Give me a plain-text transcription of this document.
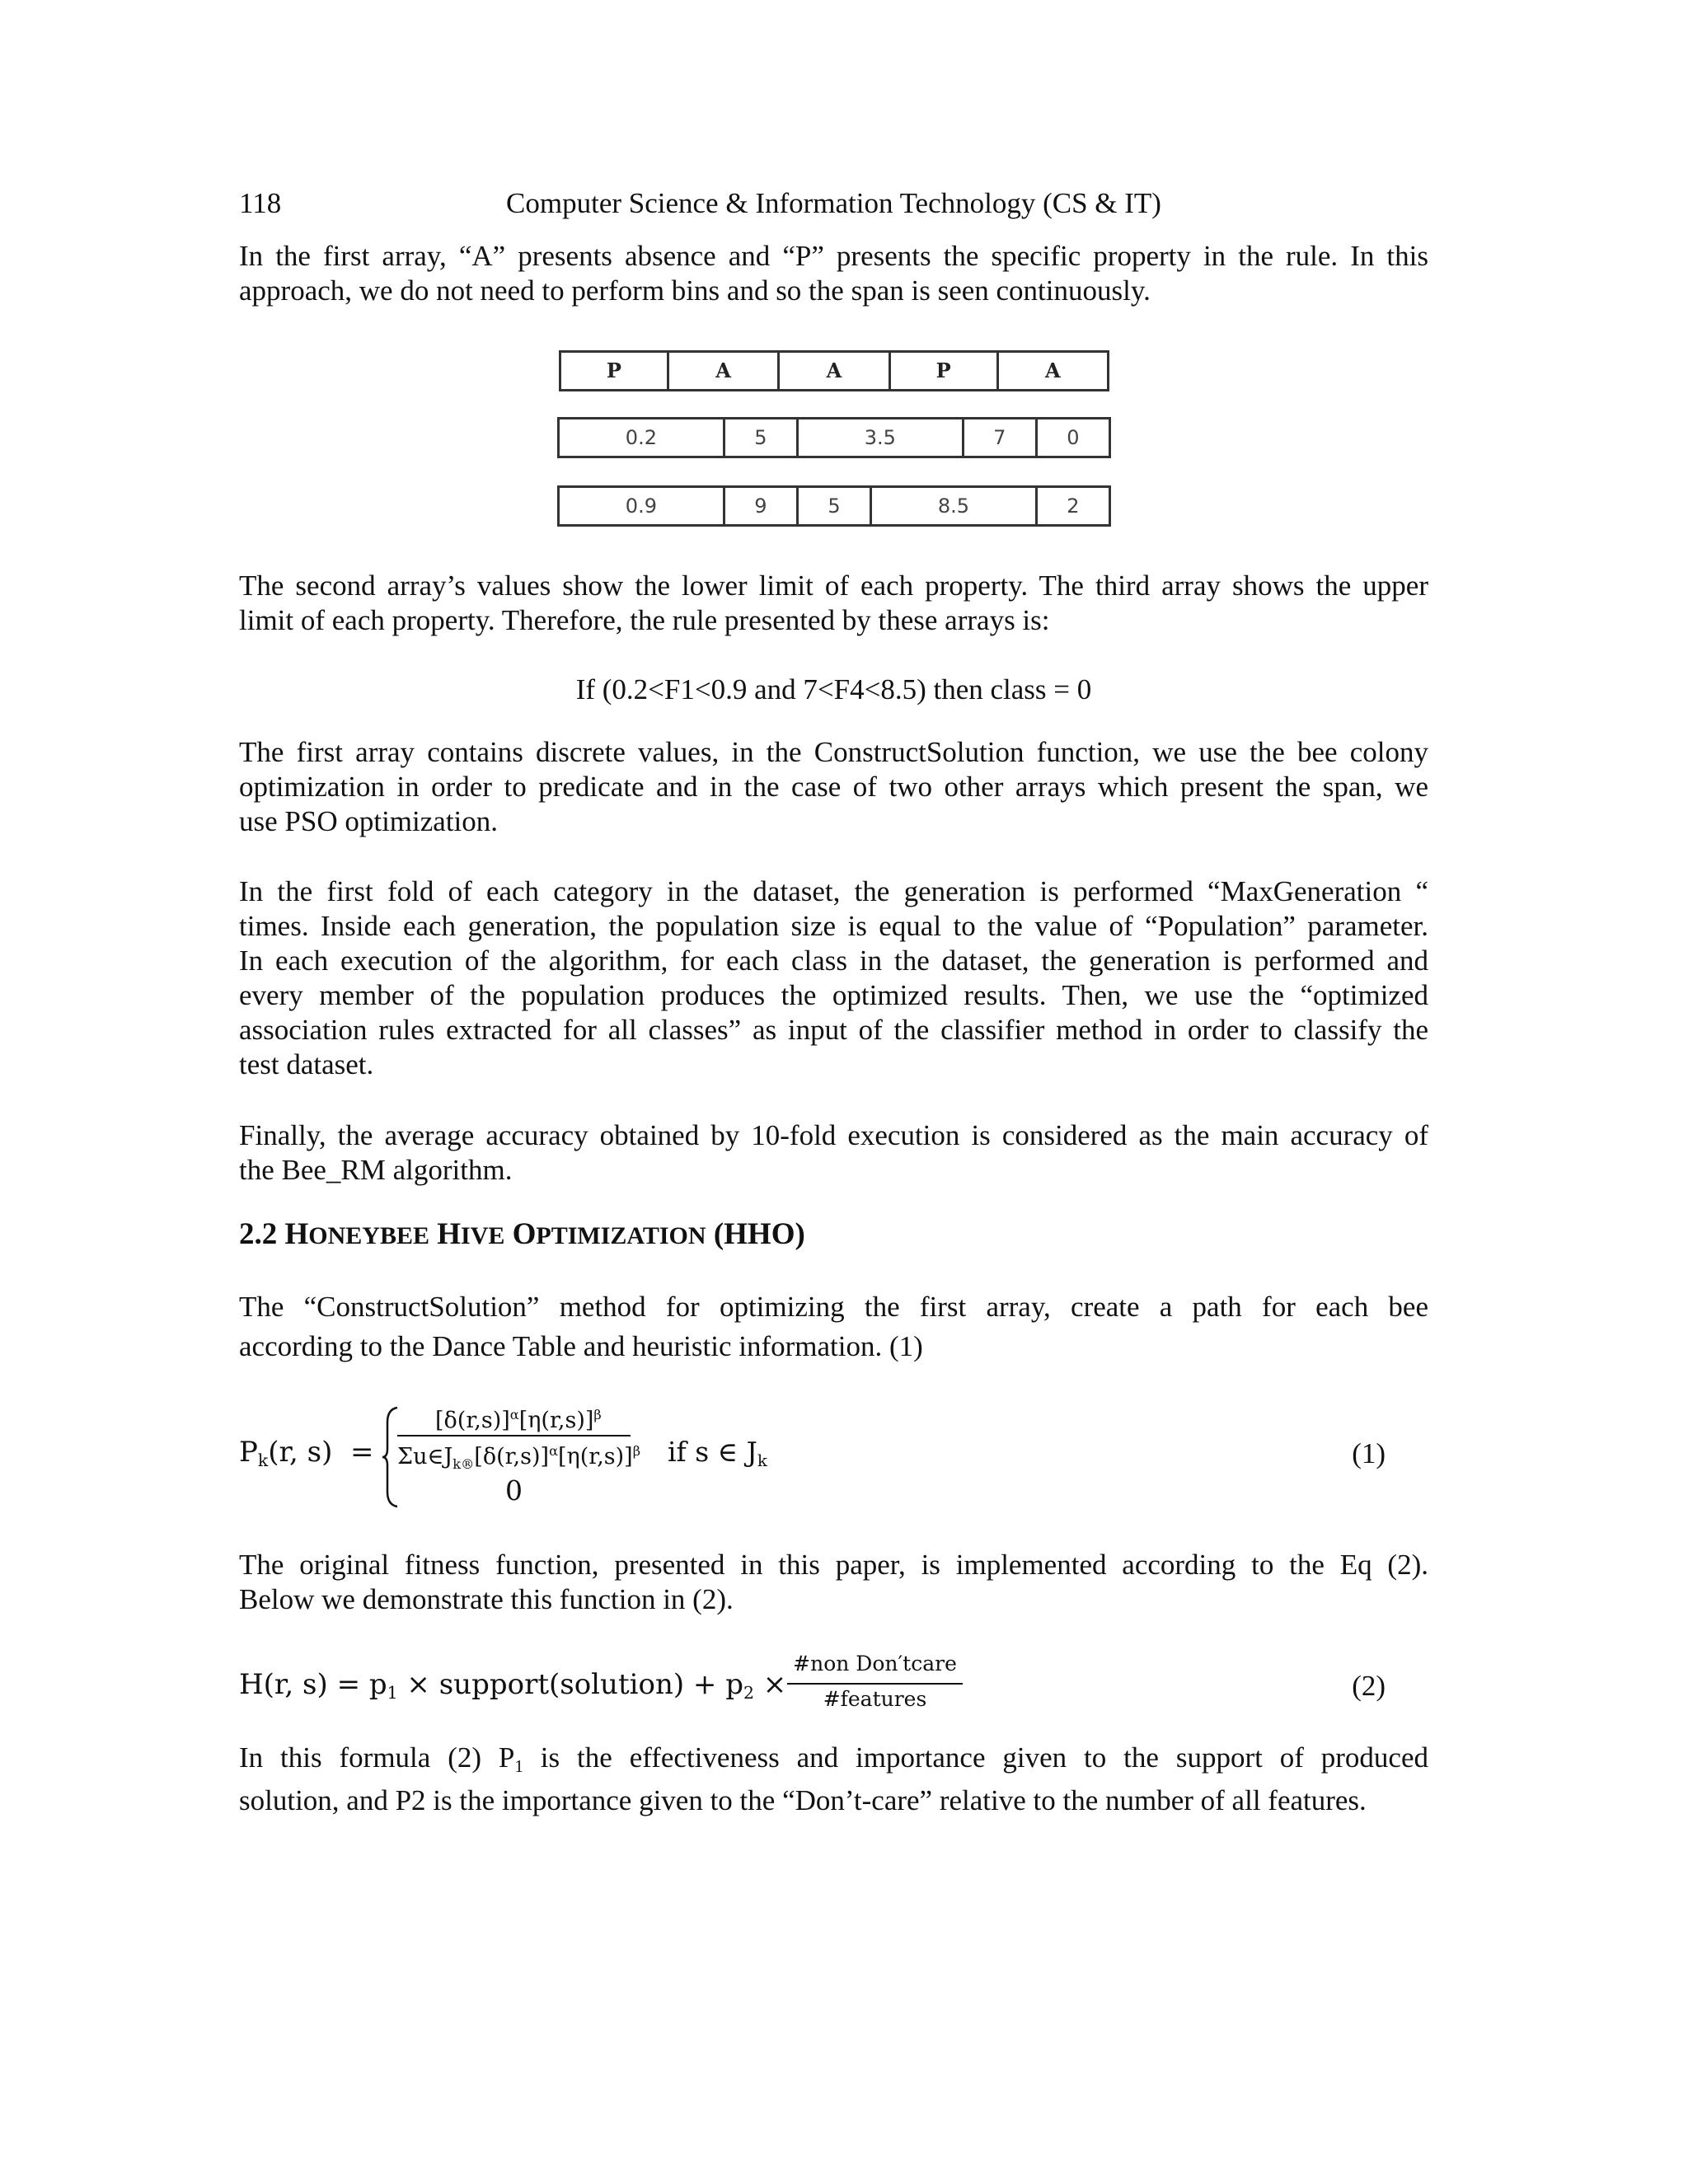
118	Computer Science & Information Technology (CS & IT)

In the first array, “A” presents absence and “P” presents the specific property in the rule. In this
approach, we do not need to perform bins and so the span is seen continuously.

P	A	A	P	A
0.2	5	3.5	7	0
0.9	9	5	8.5	2

The second array’s values show the lower limit of each property. The third array shows the upper
limit of each property. Therefore, the rule presented by these arrays is:

If (0.2<F1<0.9 and 7<F4<8.5) then class = 0

The first array contains discrete values, in the ConstructSolution function, we use the bee colony
optimization in order to predicate and in the case of two other arrays which present the span, we
use PSO optimization.

In the first fold of each category in the dataset, the generation is performed “MaxGeneration “
times. Inside each generation, the population size is equal to the value of “Population” parameter.
In each execution of the algorithm, for each class in the dataset, the generation is performed and
every member of the population produces the optimized results. Then, we use the “optimized
association rules extracted for all classes” as input of the classifier method in order to classify the
test dataset.

Finally, the average accuracy obtained by 10-fold execution is considered as the main accuracy of
the Bee_RM algorithm.

2.2 HONEYBEE HIVE OPTIMIZATION (HHO)

The “ConstructSolution” method for optimizing the first array, create a path for each bee
according to the Dance Table and heuristic information. (1)

$P_k(r$, s) =
$[\delta(r,s)]^\alpha[\eta(r,s)]^\beta$
$\Sigma u\in J_{k®}[\delta(r,s)]^\alpha[\eta(r,s)]^\beta$ if s ∈ $J_k$
0
(1)

The original fitness function, presented in this paper, is implemented according to the Eq (2).
Below we demonstrate this function in (2).

H(r, $s) = p_1$ × support(solution) + $p_2$ ×
#non Don′tcare
#features	(2)

In this formula (2) $P_1$ is the effectiveness and importance given to the support of produced
solution, and P2 is the importance given to the “Don’t-care” relative to the number of all features.
